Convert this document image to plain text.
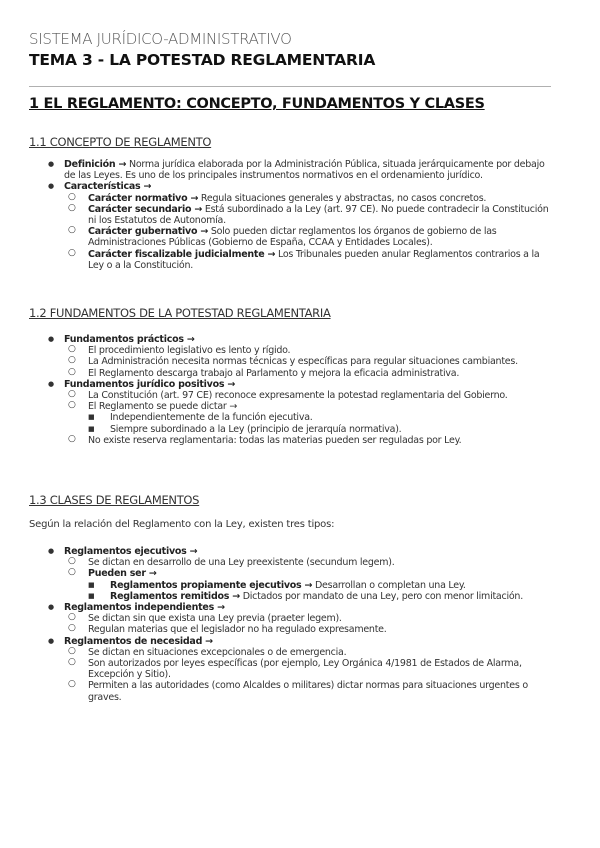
SISTEMA JURÍDICO-ADMINISTRATIVO
TEMA 3 - LA POTESTAD REGLAMENTARIA
1 EL REGLAMENTO: CONCEPTO, FUNDAMENTOS Y CLASES
1.1 CONCEPTO DE REGLAMENTO
● Definición → Norma jurídica elaborada por la Administración Pública, situada jerárquicamente por debajo de las Leyes. Es uno de los principales instrumentos normativos en el ordenamiento jurídico.
● Características →
○ Carácter normativo → Regula situaciones generales y abstractas, no casos concretos.
○ Carácter secundario → Está subordinado a la Ley (art. 97 CE). No puede contradecir la Constitución ni los Estatutos de Autonomía.
○ Carácter gubernativo → Solo pueden dictar reglamentos los órganos de gobierno de las Administraciones Públicas (Gobierno de España, CCAA y Entidades Locales).
○ Carácter fiscalizable judicialmente → Los Tribunales pueden anular Reglamentos contrarios a la Ley o a la Constitución.
1.2 FUNDAMENTOS DE LA POTESTAD REGLAMENTARIA
● Fundamentos prácticos →
○ El procedimiento legislativo es lento y rígido.
○ La Administración necesita normas técnicas y específicas para regular situaciones cambiantes.
○ El Reglamento descarga trabajo al Parlamento y mejora la eficacia administrativa.
● Fundamentos jurídico positivos →
○ La Constitución (art. 97 CE) reconoce expresamente la potestad reglamentaria del Gobierno.
○ El Reglamento se puede dictar →
■ Independientemente de la función ejecutiva.
■ Siempre subordinado a la Ley (principio de jerarquía normativa).
○ No existe reserva reglamentaria: todas las materias pueden ser reguladas por Ley.
1.3 CLASES DE REGLAMENTOS
Según la relación del Reglamento con la Ley, existen tres tipos:
● Reglamentos ejecutivos →
○ Se dictan en desarrollo de una Ley preexistente (secundum legem).
○ Pueden ser →
■ Reglamentos propiamente ejecutivos → Desarrollan o completan una Ley.
■ Reglamentos remitidos → Dictados por mandato de una Ley, pero con menor limitación.
● Reglamentos independientes →
○ Se dictan sin que exista una Ley previa (praeter legem).
○ Regulan materias que el legislador no ha regulado expresamente.
● Reglamentos de necesidad →
○ Se dictan en situaciones excepcionales o de emergencia.
○ Son autorizados por leyes específicas (por ejemplo, Ley Orgánica 4/1981 de Estados de Alarma, Excepción y Sitio).
○ Permiten a las autoridades (como Alcaldes o militares) dictar normas para situaciones urgentes o graves.
